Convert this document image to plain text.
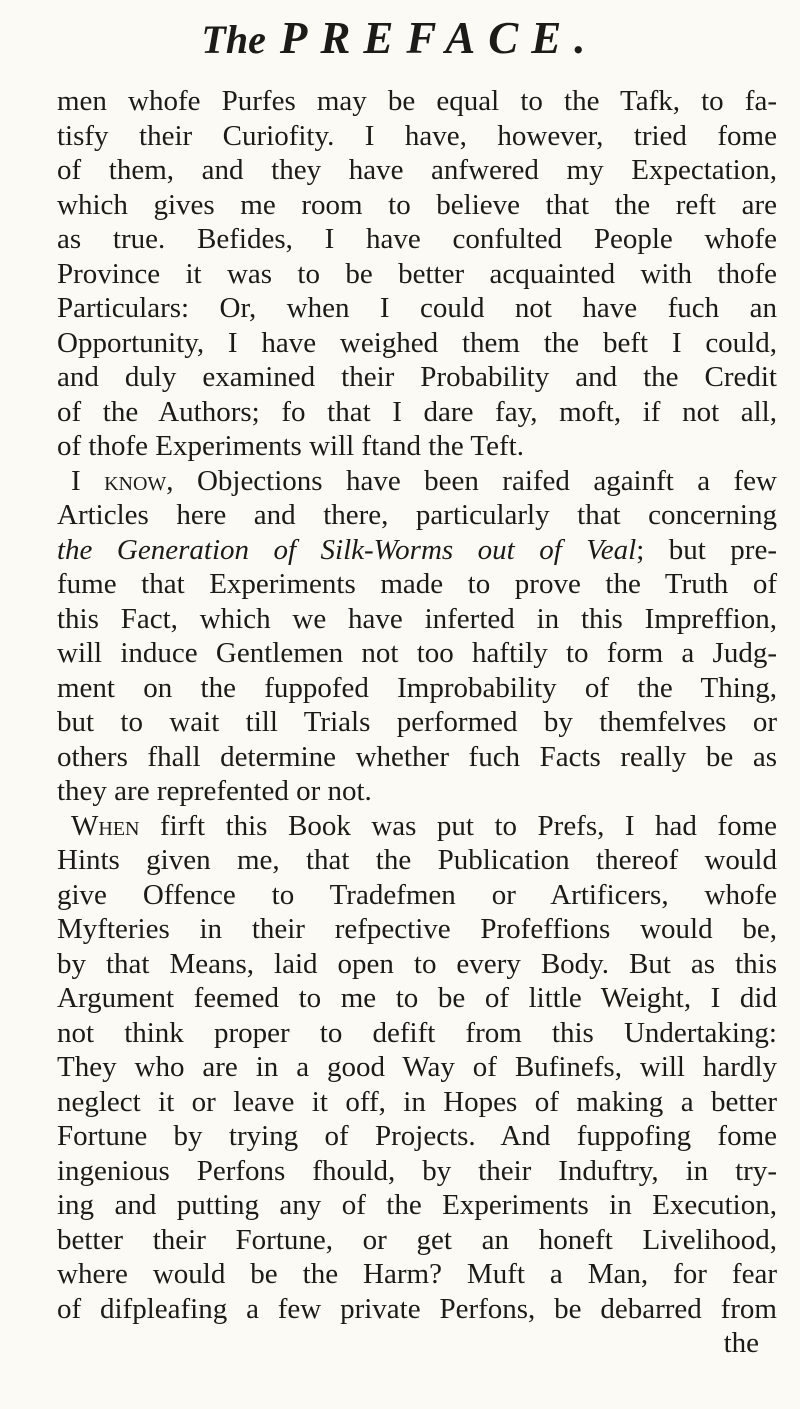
The PREFACE.
men whofe Purfes may be equal to the Tafk, to fa-
tisfy their Curiofity. I have, however, tried fome
of them, and they have anfwered my Expectation,
which gives me room to believe that the reft are
as true. Befides, I have confulted People whofe
Province it was to be better acquainted with thofe
Particulars: Or, when I could not have fuch an
Opportunity, I have weighed them the beft I could,
and duly examined their Probability and the Credit
of the Authors; fo that I dare fay, moft, if not all,
of thofe Experiments will ftand the Teft.
I know, Objections have been raifed againft a few
Articles here and there, particularly that concerning
the Generation of Silk-Worms out of Veal; but pre-
fume that Experiments made to prove the Truth of
this Fact, which we have inferted in this Impreffion,
will induce Gentlemen not too haftily to form a Judg-
ment on the fuppofed Improbability of the Thing,
but to wait till Trials performed by themfelves or
others fhall determine whether fuch Facts really be as
they are reprefented or not.
When firft this Book was put to Prefs, I had fome
Hints given me, that the Publication thereof would
give Offence to Tradefmen or Artificers, whofe
Myfteries in their refpective Profeffions would be,
by that Means, laid open to every Body. But as this
Argument feemed to me to be of little Weight, I did
not think proper to defift from this Undertaking:
They who are in a good Way of Bufinefs, will hardly
neglect it or leave it off, in Hopes of making a better
Fortune by trying of Projects. And fuppofing fome
ingenious Perfons fhould, by their Induftry, in try-
ing and putting any of the Experiments in Execution,
better their Fortune, or get an honeft Livelihood,
where would be the Harm? Muft a Man, for fear
of difpleafing a few private Perfons, be debarred from
the
